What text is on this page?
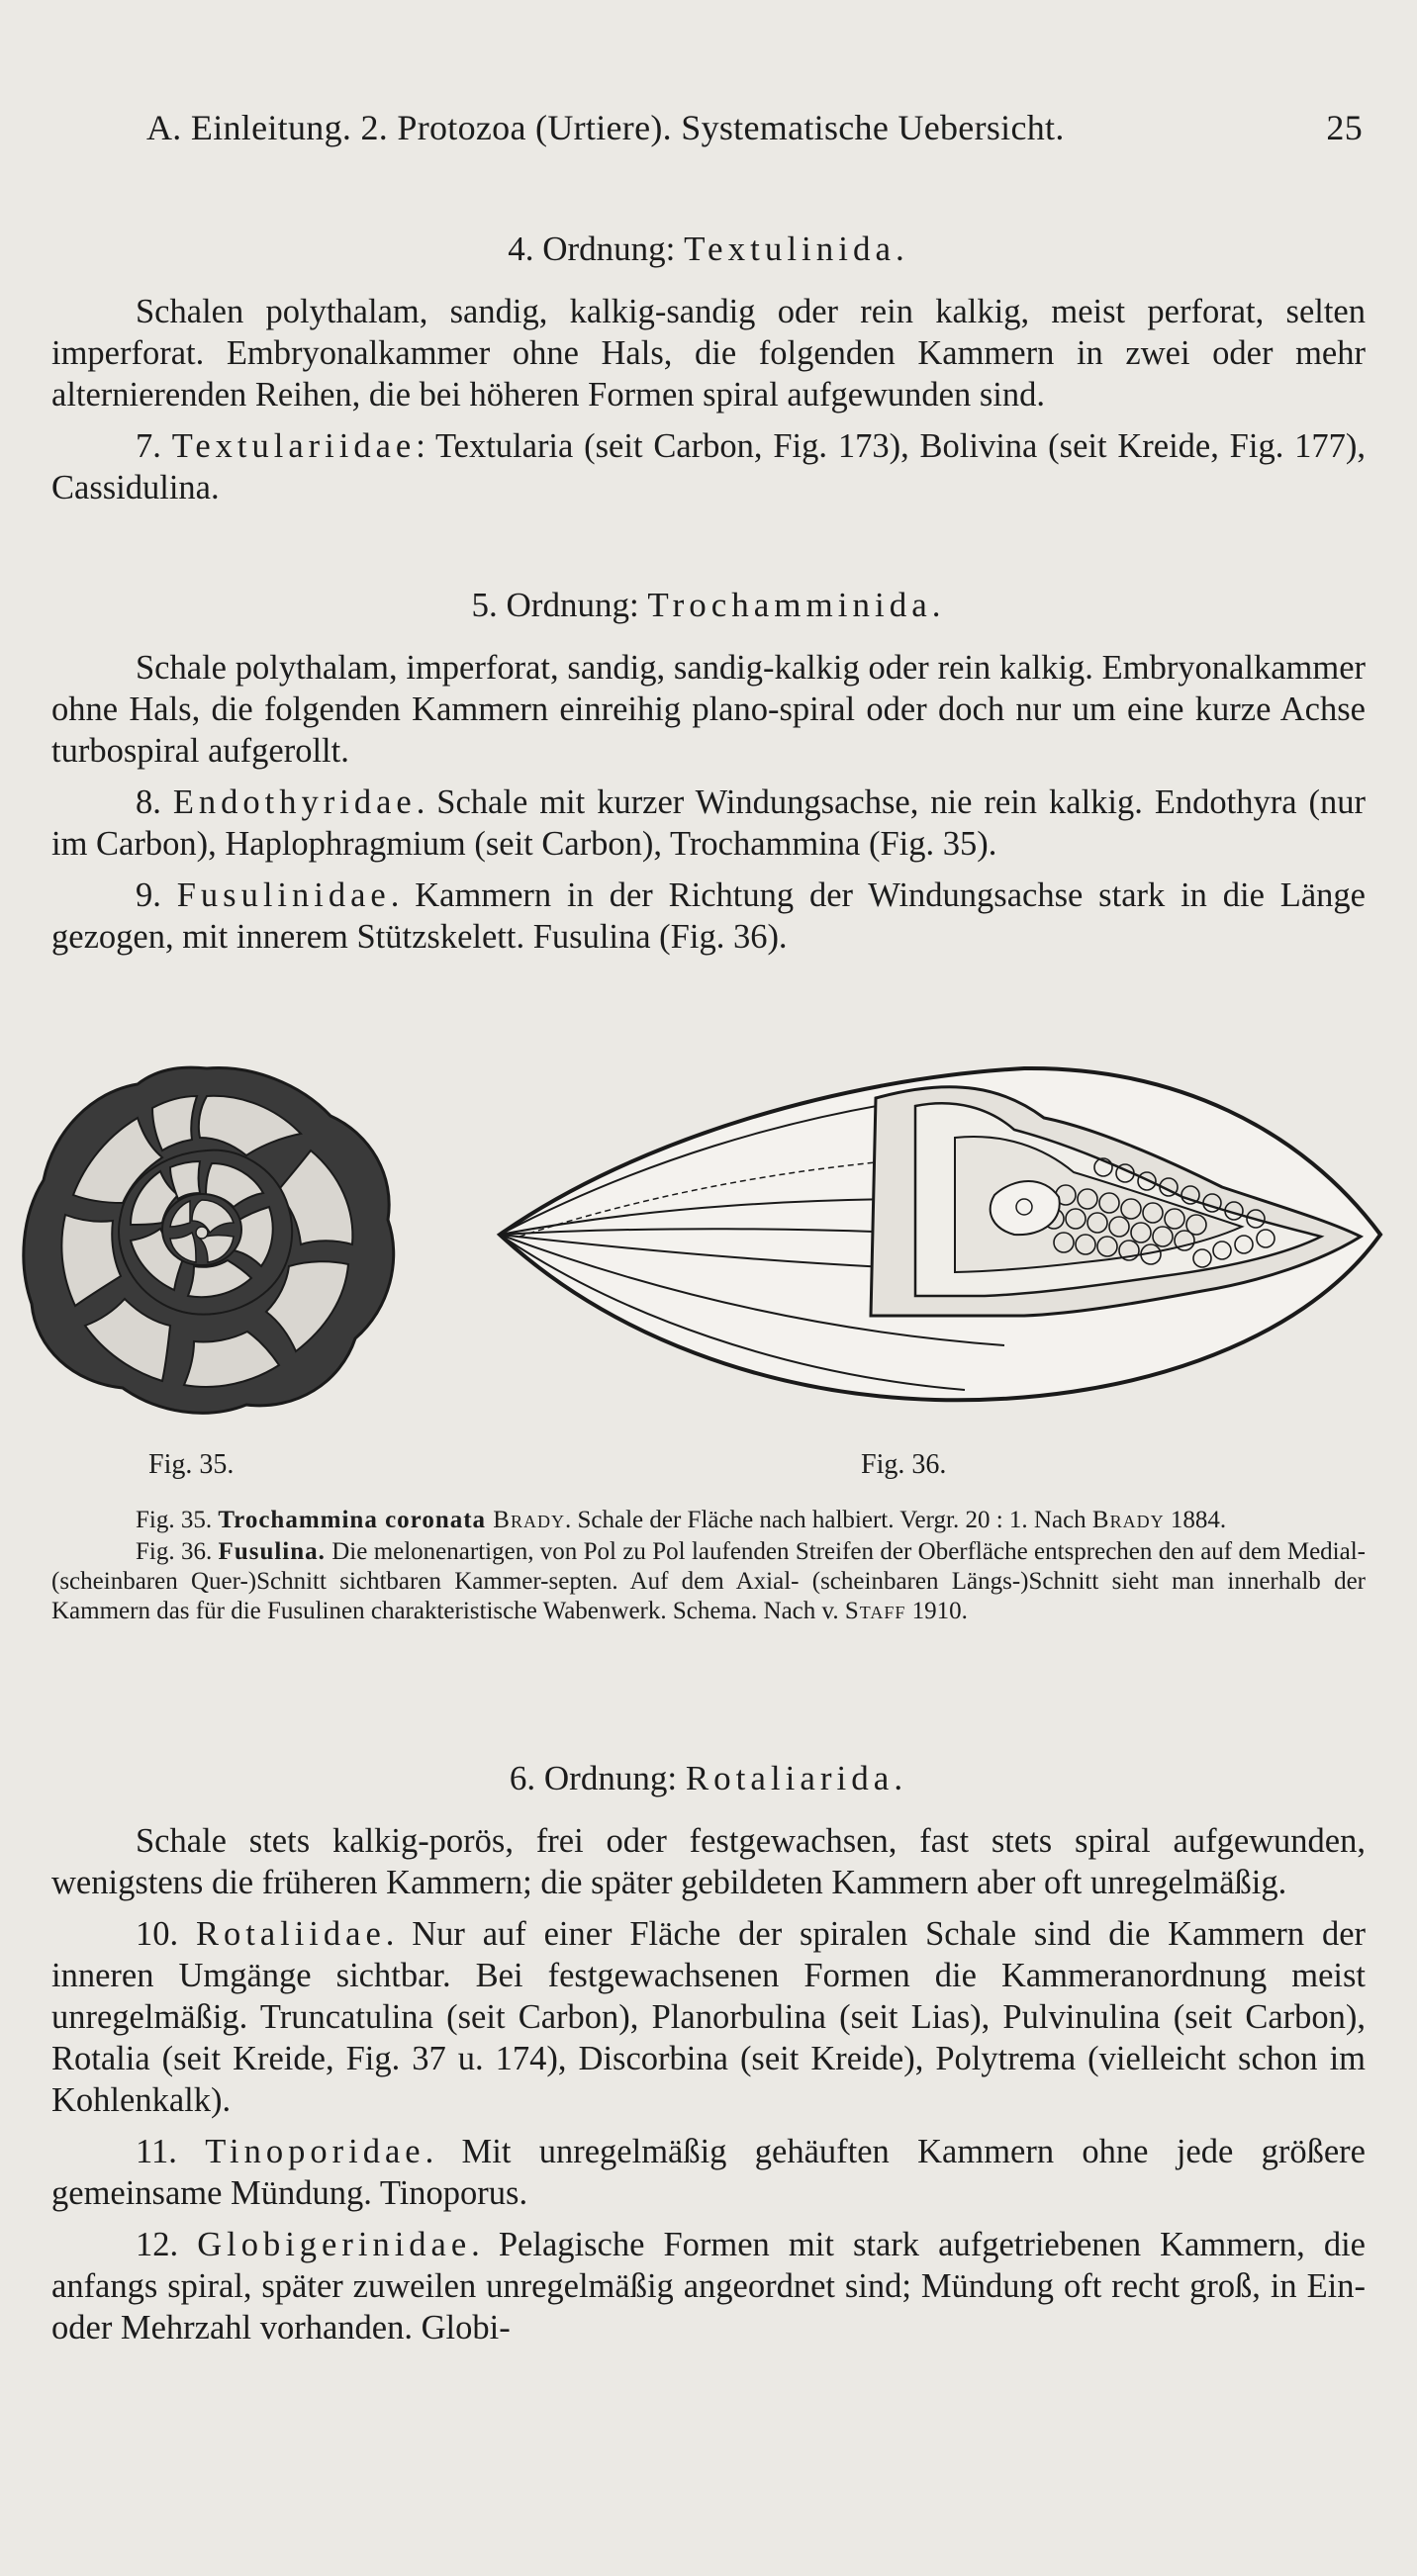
A. Einleitung. 2. Protozoa (Urtiere). Systematische Uebersicht.	25
4. Ordnung: Textulinida.

Schalen polythalam, sandig, kalkig-sandig oder rein kalkig, meist perforat, selten imperforat. Embryonalkammer ohne Hals, die folgenden Kammern in zwei oder mehr alternierenden Reihen, die bei höheren Formen spiral aufgewunden sind.

7. Textulariidae: Textularia (seit Carbon, Fig. 173), Bolivina (seit Kreide, Fig. 177), Cassidulina.

5. Ordnung: Trochamminida.

Schale polythalam, imperforat, sandig, sandig-kalkig oder rein kalkig. Embryonalkammer ohne Hals, die folgenden Kammern einreihig plano-spiral oder doch nur um eine kurze Achse turbospiral aufgerollt.

8. Endothyridae. Schale mit kurzer Windungsachse, nie rein kalkig. Endothyra (nur im Carbon), Haplophragmium (seit Carbon), Trochammina (Fig. 35).

9. Fusulinidae. Kammern in der Richtung der Windungsachse stark in die Länge gezogen, mit innerem Stützskelett. Fusulina (Fig. 36).

Fig. 35.	Fig. 36.

Fig. 35. Trochammina coronata Brady. Schale der Fläche nach halbiert. Vergr. 20 : 1. Nach Brady 1884.

Fig. 36. Fusulina. Die melonenartigen, von Pol zu Pol laufenden Streifen der Oberfläche entsprechen den auf dem Medial- (scheinbaren Quer-)Schnitt sichtbaren Kammer-septen. Auf dem Axial- (scheinbaren Längs-)Schnitt sieht man innerhalb der Kammern das für die Fusulinen charakteristische Wabenwerk. Schema. Nach v. Staff 1910.

6. Ordnung: Rotaliarida.

Schale stets kalkig-porös, frei oder festgewachsen, fast stets spiral aufgewunden, wenigstens die früheren Kammern; die später gebildeten Kammern aber oft unregelmäßig.

10. Rotaliidae. Nur auf einer Fläche der spiralen Schale sind die Kammern der inneren Umgänge sichtbar. Bei festgewachsenen Formen die Kammeranordnung meist unregelmäßig. Truncatulina (seit Carbon), Planorbulina (seit Lias), Pulvinulina (seit Carbon), Rotalia (seit Kreide, Fig. 37 u. 174), Discorbina (seit Kreide), Polytrema (vielleicht schon im Kohlenkalk).

11. Tinoporidae. Mit unregelmäßig gehäuften Kammern ohne jede größere gemeinsame Mündung. Tinoporus.

12. Globigerinidae. Pelagische Formen mit stark aufgetriebenen Kammern, die anfangs spiral, später zuweilen unregelmäßig angeordnet sind; Mündung oft recht groß, in Ein- oder Mehrzahl vorhanden. Globi-
